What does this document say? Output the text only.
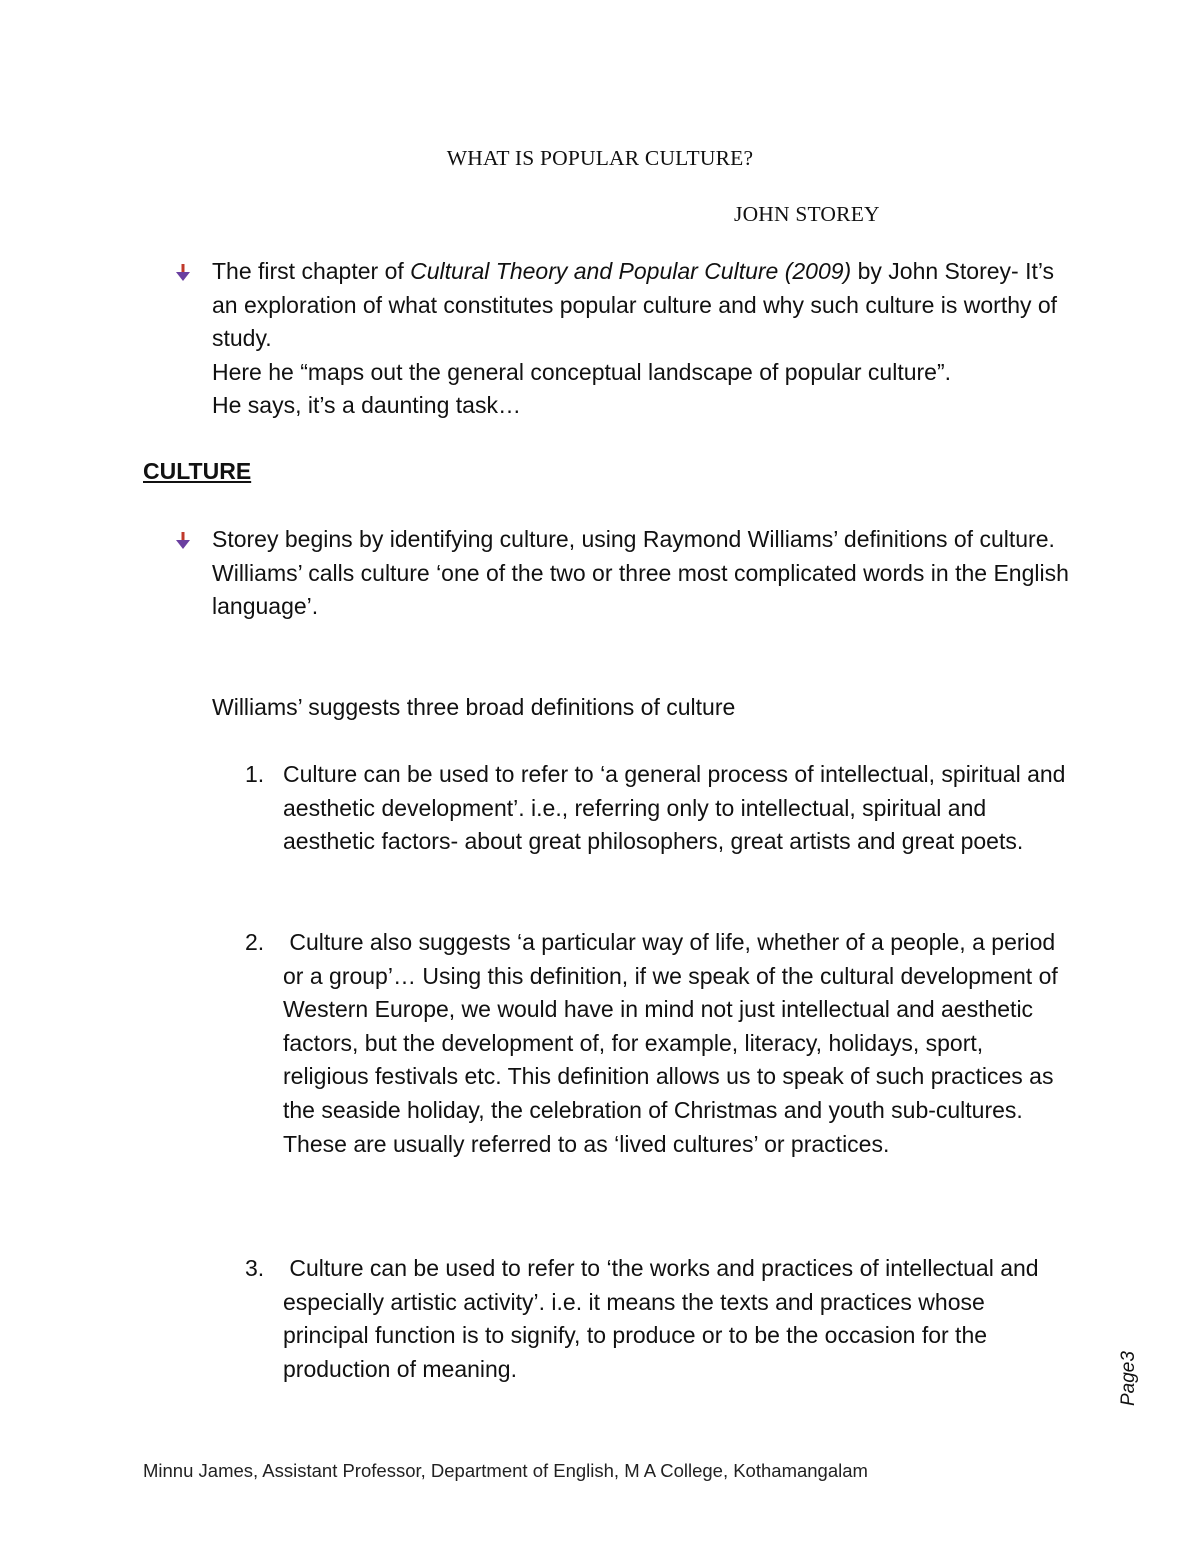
WHAT IS POPULAR CULTURE?
JOHN STOREY

The first chapter of Cultural Theory and Popular Culture (2009) by John Storey- It’s an exploration of what constitutes popular culture and why such culture is worthy of study.

Here he “maps out the general conceptual landscape of popular culture”.

He says, it’s a daunting task…

CULTURE

Storey begins by identifying culture, using Raymond Williams’ definitions of culture.

Williams’ calls culture ‘one of the two or three most complicated words in the English language’.

Williams’ suggests three broad definitions of culture
1. Culture can be used to refer to ‘a general process of intellectual, spiritual and aesthetic development’. i.e., referring only to intellectual, spiritual and aesthetic factors- about great philosophers, great artists and great poets.

2. Culture also suggests ‘a particular way of life, whether of a people, a period or a group’… Using this definition, if we speak of the cultural development of Western Europe, we would have in mind not just intellectual and aesthetic factors, but the development of, for example, literacy, holidays, sport, religious festivals etc. This definition allows us to speak of such practices as the seaside holiday, the celebration of Christmas and youth sub-cultures. These are usually referred to as ‘lived cultures’ or practices.

3. Culture can be used to refer to ‘the works and practices of intellectual and especially artistic activity’. i.e. it means the texts and practices whose principal function is to signify, to produce or to be the occasion for the production of meaning.	Page3
Minnu James, Assistant Professor, Department of English, M A College, Kothamangalam
